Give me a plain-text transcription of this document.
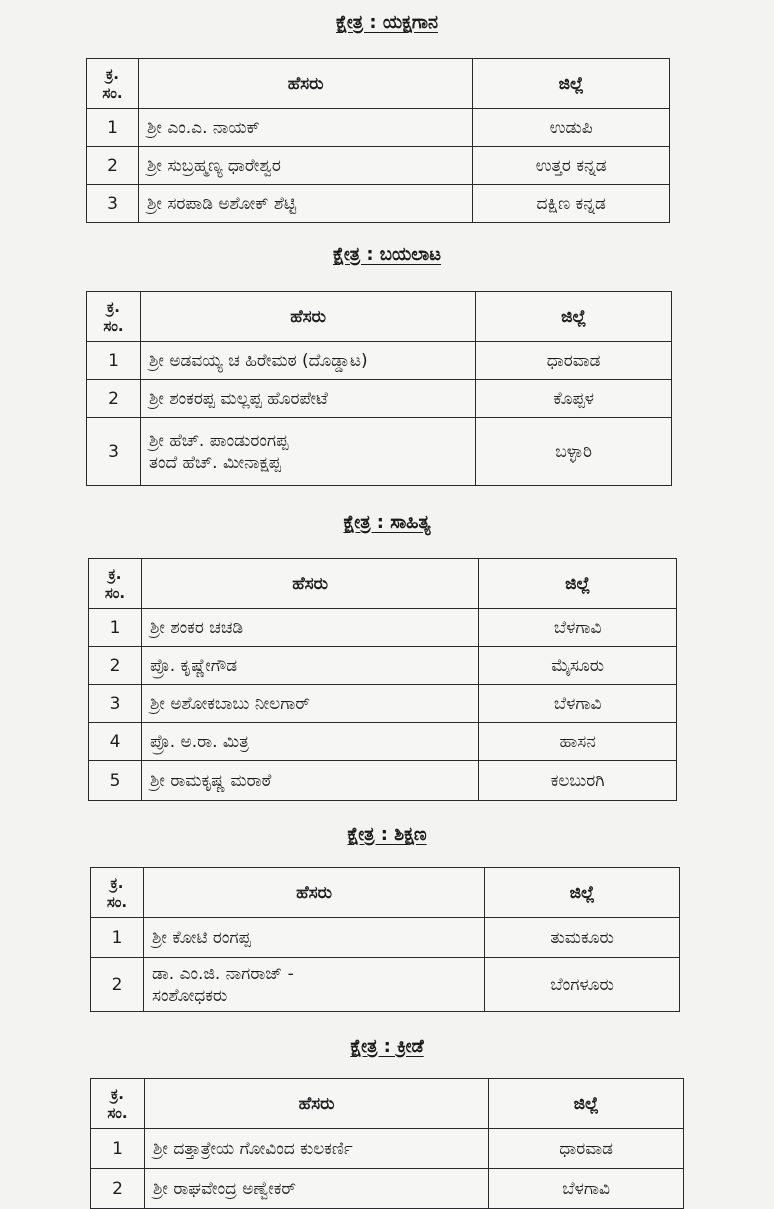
ಕ್ಷೇತ್ರ : ಯಕ್ಷಗಾನ
ಕ್ರ.
ಸಂ.	ಹೆಸರು	ಜಿಲ್ಲೆ
1	ಶ್ರೀ ಎಂ.ಎ. ನಾಯಕ್	ಉಡುಪಿ
2	ಶ್ರೀ ಸುಬ್ರಹ್ಮಣ್ಯ ಧಾರೇಶ್ವರ	ಉತ್ತರ ಕನ್ನಡ
3	ಶ್ರೀ ಸರಪಾಡಿ ಅಶೋಕ್ ಶೆಟ್ಟಿ	ದಕ್ಷಿಣ ಕನ್ನಡ
ಕ್ಷೇತ್ರ : ಬಯಲಾಟ
ಕ್ರ.
ಸಂ.	ಹೆಸರು	ಜಿಲ್ಲೆ
1	ಶ್ರೀ ಅಡವಯ್ಯ ಚ ಹಿರೇಮಠ (ದೊಡ್ಡಾಟ)	ಧಾರವಾಡ
2	ಶ್ರೀ ಶಂಕರಪ್ಪ ಮಲ್ಲಪ್ಪ ಹೊರಪೇಟೆ	ಕೊಪ್ಪಳ
3	ಶ್ರೀ ಹೆಚ್. ಪಾಂಡುರಂಗಪ್ಪ
ತಂದೆ ಹೆಚ್. ಮೀನಾಕ್ಷಪ್ಪ	ಬಳ್ಳಾರಿ
ಕ್ಷೇತ್ರ : ಸಾಹಿತ್ಯ
ಕ್ರ.
ಸಂ.	ಹೆಸರು	ಜಿಲ್ಲೆ
1	ಶ್ರೀ ಶಂಕರ ಚಚಡಿ	ಬೆಳಗಾವಿ
2	ಪ್ರೊ. ಕೃಷ್ಣೇಗೌಡ	ಮೈಸೂರು
3	ಶ್ರೀ ಅಶೋಕಬಾಬು ನೀಲಗಾರ್	ಬೆಳಗಾವಿ
4	ಪ್ರೊ. ಅ.ರಾ. ಮಿತ್ರ	ಹಾಸನ
5	ಶ್ರೀ ರಾಮಕೃಷ್ಣ ಮರಾಠೆ	ಕಲಬುರಗಿ
ಕ್ಷೇತ್ರ : ಶಿಕ್ಷಣ
ಕ್ರ.
ಸಂ.	ಹೆಸರು	ಜಿಲ್ಲೆ
1	ಶ್ರೀ ಕೋಟಿ ರಂಗಪ್ಪ	ತುಮಕೂರು
2	ಡಾ. ಎಂ.ಜಿ. ನಾಗರಾಜ್ -
ಸಂಶೋಧಕರು	ಬೆಂಗಳೂರು
ಕ್ಷೇತ್ರ : ಕ್ರೀಡೆ
ಕ್ರ.
ಸಂ.	ಹೆಸರು	ಜಿಲ್ಲೆ
1	ಶ್ರೀ ದತ್ತಾತ್ರೇಯ ಗೋವಿಂದ ಕುಲಕರ್ಣಿ	ಧಾರವಾಡ
2	ಶ್ರೀ ರಾಘವೇಂದ್ರ ಅಣ್ವೇಕರ್	ಬೆಳಗಾವಿ
